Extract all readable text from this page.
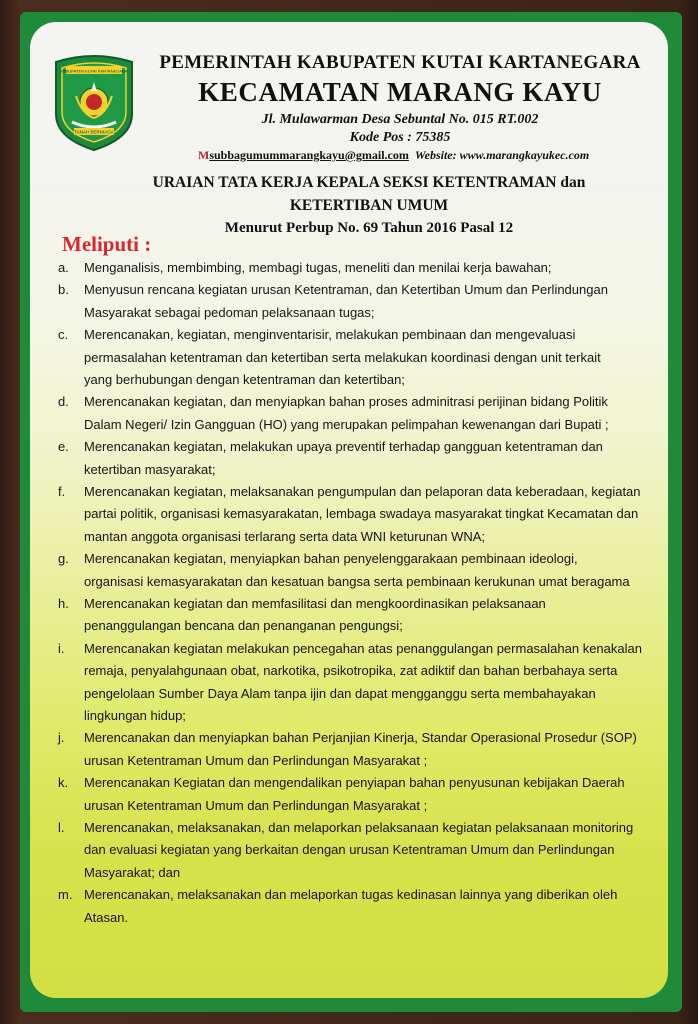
KABUPATEN KUTAI KARTANEGARA
TANAH BERNIAGA
PEMERINTAH KABUPATEN KUTAI KARTANEGARA
KECAMATAN MARANG KAYU
Jl. Mulawarman Desa Sebuntal No. 015 RT.002
Kode Pos : 75385
Msubbagumummarangkayu@gmail.com Website: www.marangkayukec.com
URAIAN TATA KERJA KEPALA SEKSI KETENTRAMAN dan
KETERTIBAN UMUM
Menurut Perbup No. 69 Tahun 2016 Pasal 12
Meliputi :
a. Menganalisis, membimbing, membagi tugas, meneliti dan menilai kerja bawahan;
b. Menyusun rencana kegiatan urusan Ketentraman, dan Ketertiban Umum dan Perlindungan
Masyarakat sebagai pedoman pelaksanaan tugas;
c. Merencanakan, kegiatan, menginventarisir, melakukan pembinaan dan mengevaluasi
permasalahan ketentraman dan ketertiban serta melakukan koordinasi dengan unit terkait
yang berhubungan dengan ketentraman dan ketertiban;
d. Merencanakan kegiatan, dan menyiapkan bahan proses adminitrasi perijinan bidang Politik
Dalam Negeri/ Izin Gangguan (HO) yang merupakan pelimpahan kewenangan dari Bupati ;
e. Merencanakan kegiatan, melakukan upaya preventif terhadap gangguan ketentraman dan
ketertiban masyarakat;
f. Merencanakan kegiatan, melaksanakan pengumpulan dan pelaporan data keberadaan, kegiatan
partai politik, organisasi kemasyarakatan, lembaga swadaya masyarakat tingkat Kecamatan dan
mantan anggota organisasi terlarang serta data WNI keturunan WNA;
g. Merencanakan kegiatan, menyiapkan bahan penyelenggarakaan pembinaan ideologi,
organisasi kemasyarakatan dan kesatuan bangsa serta pembinaan kerukunan umat beragama
h. Merencanakan kegiatan dan memfasilitasi dan mengkoordinasikan pelaksanaan
penanggulangan bencana dan penanganan pengungsi;
i. Merencanakan kegiatan melakukan pencegahan atas penanggulangan permasalahan kenakalan
remaja, penyalahgunaan obat, narkotika, psikotropika, zat adiktif dan bahan berbahaya serta
pengelolaan Sumber Daya Alam tanpa ijin dan dapat mengganggu serta membahayakan
lingkungan hidup;
j. Merencanakan dan menyiapkan bahan Perjanjian Kinerja, Standar Operasional Prosedur (SOP)
urusan Ketentraman Umum dan Perlindungan Masyarakat ;
k. Merencanakan Kegiatan dan mengendalikan penyiapan bahan penyusunan kebijakan Daerah
urusan Ketentraman Umum dan Perlindungan Masyarakat ;
l. Merencanakan, melaksanakan, dan melaporkan pelaksanaan kegiatan pelaksanaan monitoring
dan evaluasi kegiatan yang berkaitan dengan urusan Ketentraman Umum dan Perlindungan
Masyarakat; dan
m. Merencanakan, melaksanakan dan melaporkan tugas kedinasan lainnya yang diberikan oleh
Atasan.
